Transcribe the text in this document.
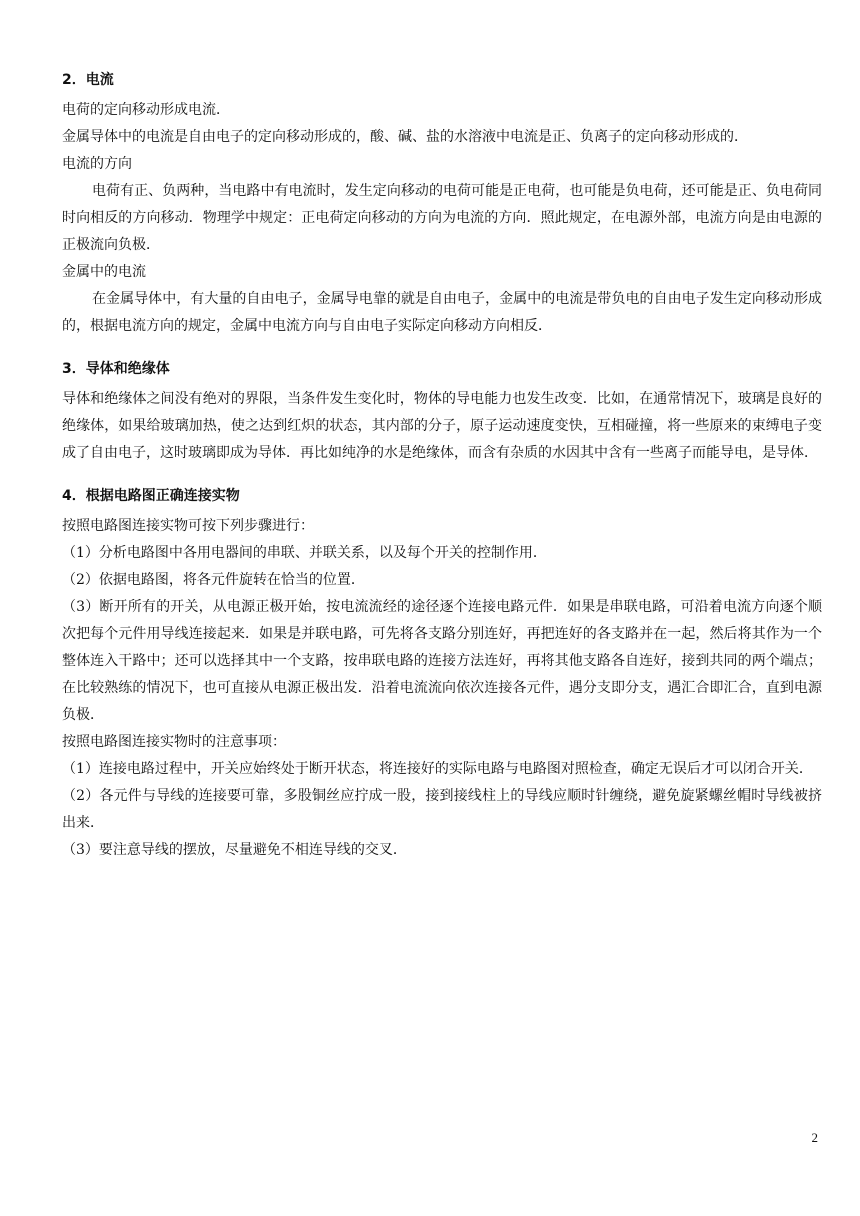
2．电流

电荷的定向移动形成电流．

金属导体中的电流是自由电子的定向移动形成的，酸、碱、盐的水溶液中电流是正、负离子的定向移动形成的．

电流的方向

电荷有正、负两种，当电路中有电流时，发生定向移动的电荷可能是正电荷，也可能是负电荷，还可能是正、负电荷同时向相反的方向移动．物理学中规定：正电荷定向移动的方向为电流的方向．照此规定，在电源外部，电流方向是由电源的正极流向负极．

金属中的电流

在金属导体中，有大量的自由电子，金属导电靠的就是自由电子，金属中的电流是带负电的自由电子发生定向移动形成的，根据电流方向的规定，金属中电流方向与自由电子实际定向移动方向相反．

3．导体和绝缘体

导体和绝缘体之间没有绝对的界限，当条件发生变化时，物体的导电能力也发生改变．比如，在通常情况下，玻璃是良好的绝缘体，如果给玻璃加热，使之达到红炽的状态，其内部的分子，原子运动速度变快，互相碰撞，将一些原来的束缚电子变成了自由电子，这时玻璃即成为导体．再比如纯净的水是绝缘体，而含有杂质的水因其中含有一些离子而能导电，是导体．

4．根据电路图正确连接实物

按照电路图连接实物可按下列步骤进行：

（1）分析电路图中各用电器间的串联、并联关系，以及每个开关的控制作用．

（2）依据电路图，将各元件旋转在恰当的位置．

（3）断开所有的开关，从电源正极开始，按电流流经的途径逐个连接电路元件．如果是串联电路，可沿着电流方向逐个顺次把每个元件用导线连接起来．如果是并联电路，可先将各支路分别连好，再把连好的各支路并在一起，然后将其作为一个整体连入干路中；还可以选择其中一个支路，按串联电路的连接方法连好，再将其他支路各自连好，接到共同的两个端点；在比较熟练的情况下，也可直接从电源正极出发．沿着电流流向依次连接各元件，遇分支即分支，遇汇合即汇合，直到电源负极．

按照电路图连接实物时的注意事项：

（1）连接电路过程中，开关应始终处于断开状态，将连接好的实际电路与电路图对照检查，确定无误后才可以闭合开关．

（2）各元件与导线的连接要可靠，多股铜丝应拧成一股，接到接线柱上的导线应顺时针缠绕，避免旋紧螺丝帽时导线被挤出来．

（3）要注意导线的摆放，尽量避免不相连导线的交叉．

2
